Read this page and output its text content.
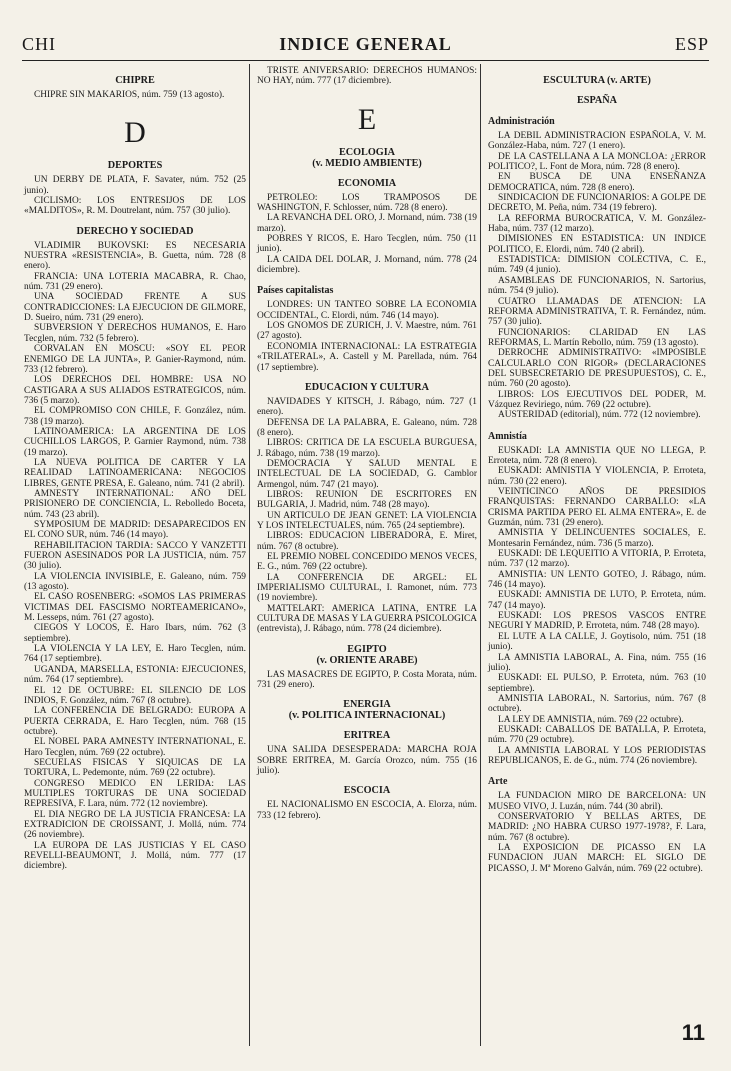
CHI	INDICE GENERAL	ESP
CHIPRE
CHIPRE SIN MAKARIOS, núm. 759 (13 agosto).
D
DEPORTES
UN DERBY DE PLATA, F. Savater, núm. 752 (25 junio).
CICLISMO: LOS ENTRESIJOS DE LOS «MALDITOS», R. M. Doutrelant, núm. 757 (30 julio).
DERECHO Y SOCIEDAD
VLADIMIR BUKOVSKI: ES NECESARIA NUESTRA «RESISTENCIA», B. Guetta, núm. 728 (8 enero).
FRANCIA: UNA LOTERIA MACABRA, R. Chao, núm. 731 (29 enero).
UNA SOCIEDAD FRENTE A SUS CONTRADICCIONES: LA EJECUCION DE GILMORE, D. Sueiro, núm. 731 (29 enero).
SUBVERSION Y DERECHOS HUMANOS, E. Haro Tecglen, núm. 732 (5 febrero).
CORVALAN EN MOSCU: «SOY EL PEOR ENEMIGO DE LA JUNTA», P. Ganier-Raymond, núm. 733 (12 febrero).
LOS DERECHOS DEL HOMBRE: USA NO CASTIGARA A SUS ALIADOS ESTRATEGICOS, núm. 736 (5 marzo).
EL COMPROMISO CON CHILE, F. González, núm. 738 (19 marzo).
LATINOAMERICA: LA ARGENTINA DE LOS CUCHILLOS LARGOS, P. Garnier Raymond, núm. 738 (19 marzo).
LA NUEVA POLITICA DE CARTER Y LA REALIDAD LATINOAMERICANA: NEGOCIOS LIBRES, GENTE PRESA, E. Galeano, núm. 741 (2 abril).
AMNESTY INTERNATIONAL: AÑO DEL PRISIONERO DE CONCIENCIA, L. Rebolledo Boceta, núm. 743 (23 abril).
SYMPOSIUM DE MADRID: DESAPARECIDOS EN EL CONO SUR, núm. 746 (14 mayo).
REHABILITACION TARDIA: SACCO Y VANZETTI FUERON ASESINADOS POR LA JUSTICIA, núm. 757 (30 julio).
LA VIOLENCIA INVISIBLE, E. Galeano, núm. 759 (13 agosto).
EL CASO ROSENBERG: «SOMOS LAS PRIMERAS VICTIMAS DEL FASCISMO NORTEAMERICANO», M. Lesseps, núm. 761 (27 agosto).
CIEGOS Y LOCOS, E. Haro Ibars, núm. 762 (3 septiembre).
LA VIOLENCIA Y LA LEY, E. Haro Tecglen, núm. 764 (17 septiembre).
UGANDA, MARSELLA, ESTONIA: EJECUCIONES, núm. 764 (17 septiembre).
EL 12 DE OCTUBRE: EL SILENCIO DE LOS INDIOS, F. González, núm. 767 (8 octubre).
LA CONFERENCIA DE BELGRADO: EUROPA A PUERTA CERRADA, E. Haro Tecglen, núm. 768 (15 octubre).
EL NOBEL PARA AMNESTY INTERNATIONAL, E. Haro Tecglen, núm. 769 (22 octubre).
SECUELAS FISICAS Y SIQUICAS DE LA TORTURA, L. Pedemonte, núm. 769 (22 octubre).
CONGRESO MEDICO EN LERIDA: LAS MULTIPLES TORTURAS DE UNA SOCIEDAD REPRESIVA, F. Lara, núm. 772 (12 noviembre).
EL DIA NEGRO DE LA JUSTICIA FRANCESA: LA EXTRADICION DE CROISSANT, J. Mollá, núm. 774 (26 noviembre).
LA EUROPA DE LAS JUSTICIAS Y EL CASO REVELLI-BEAUMONT, J. Mollá, núm. 777 (17 diciembre).
TRISTE ANIVERSARIO: DERECHOS HUMANOS: NO HAY, núm. 777 (17 diciembre).
E
ECOLOGIA
(v. MEDIO AMBIENTE)
ECONOMIA
PETROLEO: LOS TRAMPOSOS DE WASHINGTON, F. Schlosser, núm. 728 (8 enero).
LA REVANCHA DEL ORO, J. Mornand, núm. 738 (19 marzo).
POBRES Y RICOS, E. Haro Tecglen, núm. 750 (11 junio).
LA CAIDA DEL DOLAR, J. Mornand, núm. 778 (24 diciembre).
Países capitalistas
LONDRES: UN TANTEO SOBRE LA ECONOMIA OCCIDENTAL, C. Elordi, núm. 746 (14 mayo).
LOS GNOMOS DE ZURICH, J. V. Maestre, núm. 761 (27 agosto).
ECONOMIA INTERNACIONAL: LA ESTRATEGIA «TRILATERAL», A. Castell y M. Parellada, núm. 764 (17 septiembre).
EDUCACION Y CULTURA
NAVIDADES Y KITSCH, J. Rábago, núm. 727 (1 enero).
DEFENSA DE LA PALABRA, E. Galeano, núm. 728 (8 enero).
LIBROS: CRITICA DE LA ESCUELA BURGUESA, J. Rábago, núm. 738 (19 marzo).
DEMOCRACIA Y SALUD MENTAL E INTELECTUAL DE LA SOCIEDAD, G. Camblor Armengol, núm. 747 (21 mayo).
LIBROS: REUNION DE ESCRITORES EN BULGARIA, J. Madrid, núm. 748 (28 mayo).
UN ARTICULO DE JEAN GENET: LA VIOLENCIA Y LOS INTELECTUALES, núm. 765 (24 septiembre).
LIBROS: EDUCACION LIBERADORA, E. Miret, núm. 767 (8 octubre).
EL PREMIO NOBEL CONCEDIDO MENOS VECES, E. G., núm. 769 (22 octubre).
LA CONFERENCIA DE ARGEL: EL IMPERIALISMO CULTURAL, I. Ramonet, núm. 773 (19 noviembre).
MATTELART: AMERICA LATINA, ENTRE LA CULTURA DE MASAS Y LA GUERRA PSICOLOGICA (entrevista), J. Rábago, núm. 778 (24 diciembre).
EGIPTO
(v. ORIENTE ARABE)
LAS MASACRES DE EGIPTO, P. Costa Morata, núm. 731 (29 enero).
ENERGIA
(v. POLITICA INTERNACIONAL)
ERITREA
UNA SALIDA DESESPERADA: MARCHA ROJA SOBRE ERITREA, M. García Orozco, núm. 755 (16 julio).
ESCOCIA
EL NACIONALISMO EN ESCOCIA, A. Elorza, núm. 733 (12 febrero).
ESCULTURA (v. ARTE)
ESPAÑA
Administración
LA DEBIL ADMINISTRACION ESPAÑOLA, V. M. González-Haba, núm. 727 (1 enero).
DE LA CASTELLANA A LA MONCLOA: ¿ERROR POLITICO?, L. Font de Mora, núm. 728 (8 enero).
EN BUSCA DE UNA ENSEÑANZA DEMOCRATICA, núm. 728 (8 enero).
SINDICACION DE FUNCIONARIOS: A GOLPE DE DECRETO, M. Peña, núm. 734 (19 febrero).
LA REFORMA BUROCRATICA, V. M. González-Haba, núm. 737 (12 marzo).
DIMISIONES EN ESTADISTICA: UN INDICE POLITICO, E. Elordi, núm. 740 (2 abril).
ESTADISTICA: DIMISION COLECTIVA, C. E., núm. 749 (4 junio).
ASAMBLEAS DE FUNCIONARIOS, N. Sartorius, núm. 754 (9 julio).
CUATRO LLAMADAS DE ATENCION: LA REFORMA ADMINISTRATIVA, T. R. Fernández, núm. 757 (30 julio).
FUNCIONARIOS: CLARIDAD EN LAS REFORMAS, L. Martín Rebollo, núm. 759 (13 agosto).
DERROCHE ADMINISTRATIVO: «IMPOSIBLE CALCULARLO CON RIGOR» (DECLARACIONES DEL SUBSECRETARIO DE PRESUPUESTOS), C. E., núm. 760 (20 agosto).
LIBROS: LOS EJECUTIVOS DEL PODER, M. Vázquez Reviriego, núm. 769 (22 octubre).
AUSTERIDAD (editorial), núm. 772 (12 noviembre).
Amnistía
EUSKADI: LA AMNISTIA QUE NO LLEGA, P. Erroteta, núm. 728 (8 enero).
EUSKADI: AMNISTIA Y VIOLENCIA, P. Erroteta, núm. 730 (22 enero).
VEINTICINCO AÑOS DE PRESIDIOS FRANQUISTAS: FERNANDO CARBALLO: «LA CRISMA PARTIDA PERO EL ALMA ENTERA», E. de Guzmán, núm. 731 (29 enero).
AMNISTIA Y DELINCUENTES SOCIALES, E. Montesarin Fernández, núm. 736 (5 marzo).
EUSKADI: DE LEQUEITIO A VITORIA, P. Erroteta, núm. 737 (12 marzo).
AMNISTIA: UN LENTO GOTEO, J. Rábago, núm. 746 (14 mayo).
EUSKADI: AMNISTIA DE LUTO, P. Erroteta, núm. 747 (14 mayo).
EUSKADI: LOS PRESOS VASCOS ENTRE NEGURI Y MADRID, P. Erroteta, núm. 748 (28 mayo).
EL LUTE A LA CALLE, J. Goytisolo, núm. 751 (18 junio).
LA AMNISTIA LABORAL, A. Fina, núm. 755 (16 julio).
EUSKADI: EL PULSO, P. Erroteta, núm. 763 (10 septiembre).
AMNISTIA LABORAL, N. Sartorius, núm. 767 (8 octubre).
LA LEY DE AMNISTIA, núm. 769 (22 octubre).
EUSKADI: CABALLOS DE BATALLA, P. Erroteta, núm. 770 (29 octubre).
LA AMNISTIA LABORAL Y LOS PERIODISTAS REPUBLICANOS, E. de G., núm. 774 (26 noviembre).
Arte
LA FUNDACION MIRO DE BARCELONA: UN MUSEO VIVO, J. Luzán, núm. 744 (30 abril).
CONSERVATORIO Y BELLAS ARTES, DE MADRID: ¿NO HABRA CURSO 1977-1978?, F. Lara, núm. 767 (8 octubre).
LA EXPOSICION DE PICASSO EN LA FUNDACION JUAN MARCH: EL SIGLO DE PICASSO, J. Mª Moreno Galván, núm. 769 (22 octubre).
11
